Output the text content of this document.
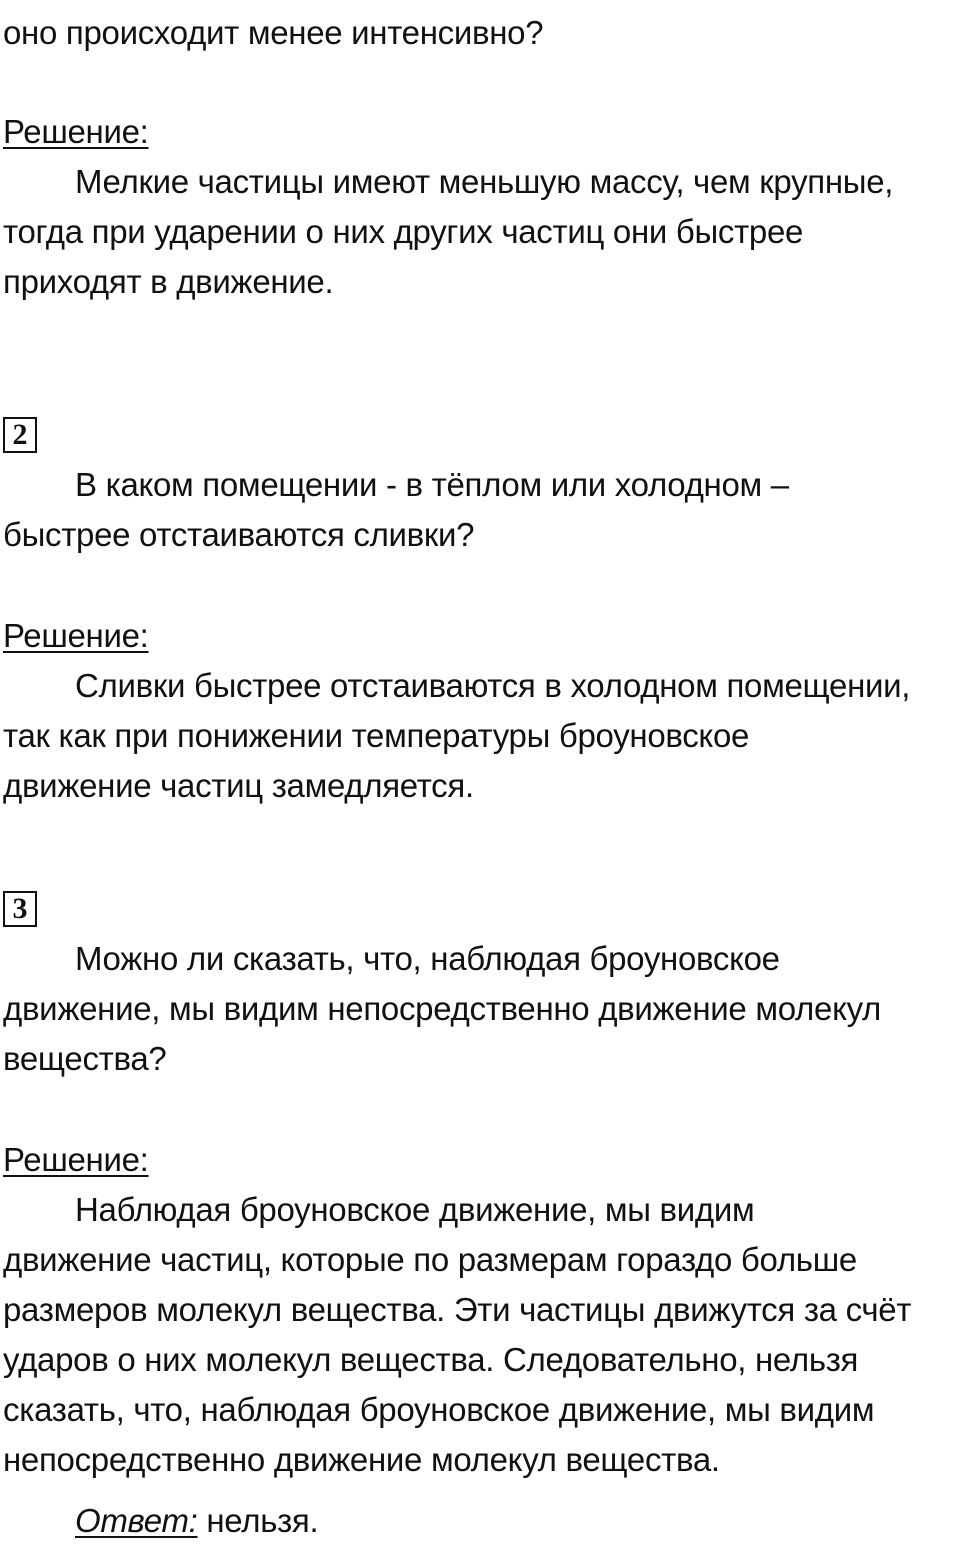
оно происходит менее интенсивно?
Решение:
Мелкие частицы имеют меньшую массу, чем крупные,
тогда при ударении о них других частиц они быстрее
приходят в движение.
2
В каком помещении - в тёплом или холодном –
быстрее отстаиваются сливки?
Решение:
Сливки быстрее отстаиваются в холодном помещении,
так как при понижении температуры броуновское
движение частиц замедляется.
3
Можно ли сказать, что, наблюдая броуновское
движение, мы видим непосредственно движение молекул
вещества?
Решение:
Наблюдая броуновское движение, мы видим
движение частиц, которые по размерам гораздо больше
размеров молекул вещества. Эти частицы движутся за счёт
ударов о них молекул вещества. Следовательно, нельзя
сказать, что, наблюдая броуновское движение, мы видим
непосредственно движение молекул вещества.
Ответ: нельзя.
